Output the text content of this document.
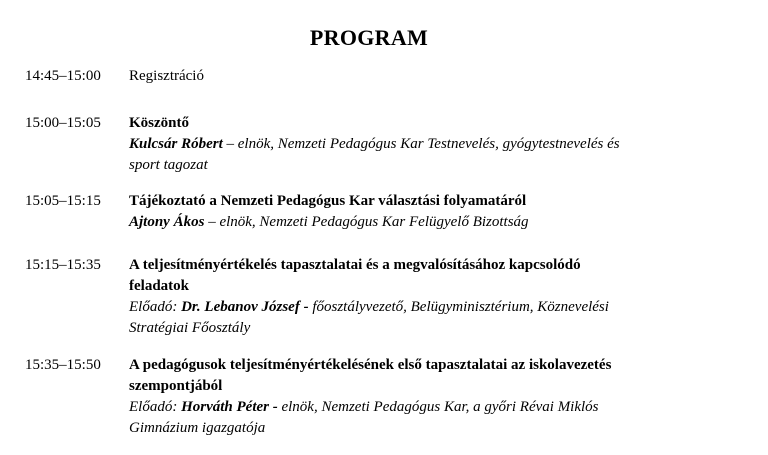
PROGRAM
14:45–15:00	Regisztráció
15:00–15:05	Köszöntő
Kulcsár Róbert – elnök, Nemzeti Pedagógus Kar Testnevelés, gyógytestnevelés és
sport tagozat
15:05–15:15	Tájékoztató a Nemzeti Pedagógus Kar választási folyamatáról
Ajtony Ákos – elnök, Nemzeti Pedagógus Kar Felügyelő Bizottság
15:15–15:35	A teljesítményértékelés tapasztalatai és a megvalósításához kapcsolódó
feladatok
Előadó: Dr. Lebanov József - főosztályvezető, Belügyminisztérium, Köznevelési
Stratégiai Főosztály
15:35–15:50	A pedagógusok teljesítményértékelésének első tapasztalatai az iskolavezetés
szempontjából
Előadó: Horváth Péter - elnök, Nemzeti Pedagógus Kar, a győri Révai Miklós
Gimnázium igazgatója
